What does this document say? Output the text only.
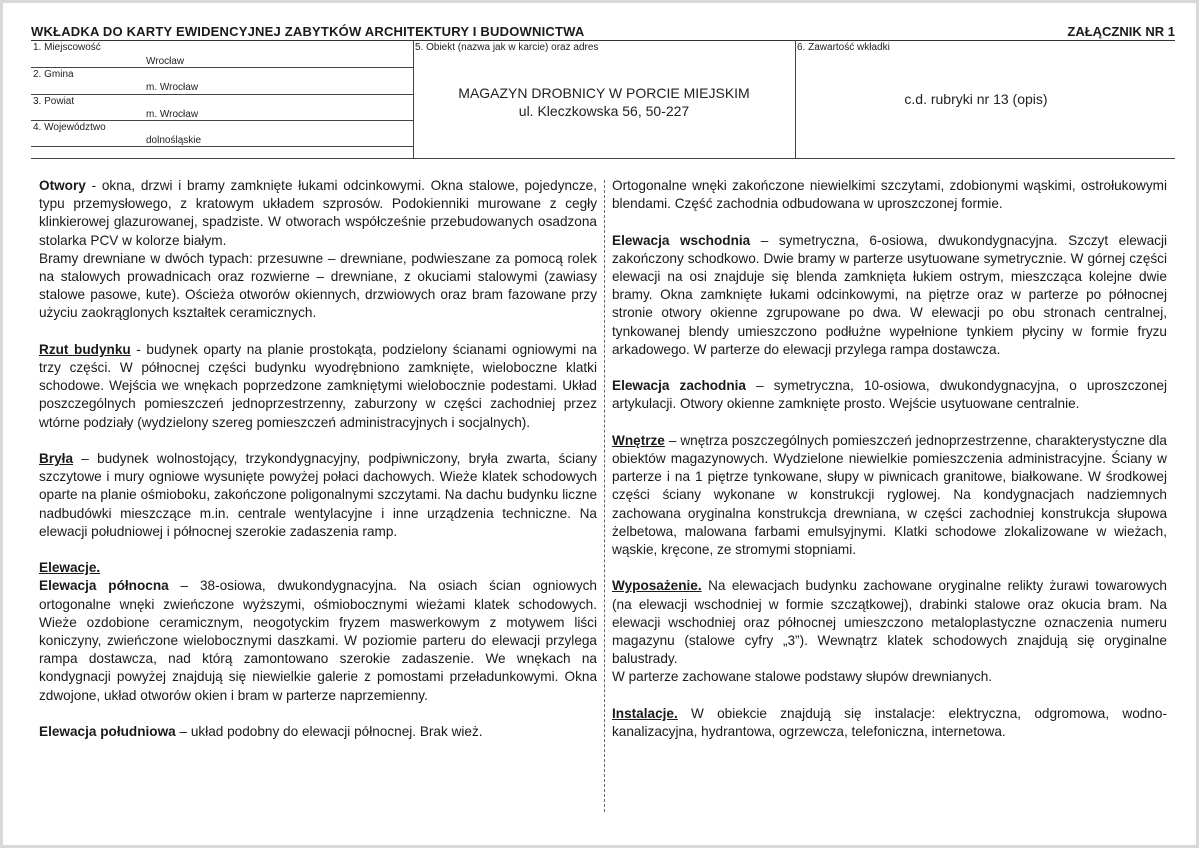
WKŁADKA DO KARTY EWIDENCYJNEJ ZABYTKÓW ARCHITEKTURY I BUDOWNICTWA	ZAŁĄCZNIK NR 1
1. Miejscowość
Wrocław
2. Gmina
m. Wrocław
3. Powiat
m. Wrocław
4. Województwo
dolnośląskie
5. Obiekt (nazwa jak w karcie) oraz adres
MAGAZYN DROBNICY W PORCIE MIEJSKIM
ul. Kleczkowska 56, 50-227
6. Zawartość wkładki
c.d. rubryki nr 13 (opis)

Otwory - okna, drzwi i bramy zamknięte łukami odcinkowymi. Okna stalowe, pojedyncze, typu przemysłowego, z kratowym układem szprosów. Podokienniki murowane z cegły klinkierowej glazurowanej, spadziste. W otworach współcześnie przebudowanych osadzona stolarka PCV w kolorze białym.

Bramy drewniane w dwóch typach: przesuwne – drewniane, podwieszane za pomocą rolek na stalowych prowadnicach oraz rozwierne – drewniane, z okuciami stalowymi (zawiasy stalowe pasowe, kute). Ościeża otworów okiennych, drzwiowych oraz bram fazowane przy użyciu zaokrąglonych kształtek ceramicznych.

Rzut budynku - budynek oparty na planie prostokąta, podzielony ścianami ogniowymi na trzy części. W północnej części budynku wyodrębniono zamknięte, wieloboczne klatki schodowe. Wejścia we wnękach poprzedzone zamkniętymi wielobocznie podestami. Układ poszczególnych pomieszczeń jednoprzestrzenny, zaburzony w części zachodniej przez wtórne podziały (wydzielony szereg pomieszczeń administracyjnych i socjalnych).

Bryła – budynek wolnostojący, trzykondygnacyjny, podpiwniczony, bryła zwarta, ściany szczytowe i mury ogniowe wysunięte powyżej połaci dachowych. Wieże klatek schodowych oparte na planie ośmioboku, zakończone poligonalnymi szczytami. Na dachu budynku liczne nadbudówki mieszczące m.in. centrale wentylacyjne i inne urządzenia techniczne. Na elewacji południowej i północnej szerokie zadaszenia ramp.

Elewacje.

Elewacja północna – 38-osiowa, dwukondygnacyjna. Na osiach ścian ogniowych ortogonalne wnęki zwieńczone wyższymi, ośmiobocznymi wieżami klatek schodowych. Wieże ozdobione ceramicznym, neogotyckim fryzem maswerkowym z motywem liści koniczyny, zwieńczone wielobocznymi daszkami. W poziomie parteru do elewacji przylega rampa dostawcza, nad którą zamontowano szerokie zadaszenie. We wnękach na kondygnacji powyżej znajdują się niewielkie galerie z pomostami przeładunkowymi. Okna zdwojone, układ otworów okien i bram w parterze naprzemienny.

Elewacja południowa – układ podobny do elewacji północnej. Brak wież.

Ortogonalne wnęki zakończone niewielkimi szczytami, zdobionymi wąskimi, ostrołukowymi blendami. Część zachodnia odbudowana w uproszczonej formie.

Elewacja wschodnia – symetryczna, 6-osiowa, dwukondygnacyjna. Szczyt elewacji zakończony schodkowo. Dwie bramy w parterze usytuowane symetrycznie. W górnej części elewacji na osi znajduje się blenda zamknięta łukiem ostrym, mieszcząca kolejne dwie bramy. Okna zamknięte łukami odcinkowymi, na piętrze oraz w parterze po północnej stronie otwory okienne zgrupowane po dwa. W elewacji po obu stronach centralnej, tynkowanej blendy umieszczono podłużne wypełnione tynkiem płyciny w formie fryzu arkadowego. W parterze do elewacji przylega rampa dostawcza.

Elewacja zachodnia – symetryczna, 10-osiowa, dwukondygnacyjna, o uproszczonej artykulacji. Otwory okienne zamknięte prosto. Wejście usytuowane centralnie.

Wnętrze – wnętrza poszczególnych pomieszczeń jednoprzestrzenne, charakterystyczne dla obiektów magazynowych. Wydzielone niewielkie pomieszczenia administracyjne. Ściany w parterze i na 1 piętrze tynkowane, słupy w piwnicach granitowe, białkowane. W środkowej części ściany wykonane w konstrukcji ryglowej. Na kondygnacjach nadziemnych zachowana oryginalna konstrukcja drewniana, w części zachodniej konstrukcja słupowa żelbetowa, malowana farbami emulsyjnymi. Klatki schodowe zlokalizowane w wieżach, wąskie, kręcone, ze stromymi stopniami.

Wyposażenie. Na elewacjach budynku zachowane oryginalne relikty żurawi towarowych (na elewacji wschodniej w formie szczątkowej), drabinki stalowe oraz okucia bram. Na elewacji wschodniej oraz północnej umieszczono metaloplastyczne oznaczenia numeru magazynu (stalowe cyfry „3”). Wewnątrz klatek schodowych znajdują się oryginalne balustrady.

W parterze zachowane stalowe podstawy słupów drewnianych.

Instalacje. W obiekcie znajdują się instalacje: elektryczna, odgromowa, wodno-kanalizacyjna, hydrantowa, ogrzewcza, telefoniczna, internetowa.
